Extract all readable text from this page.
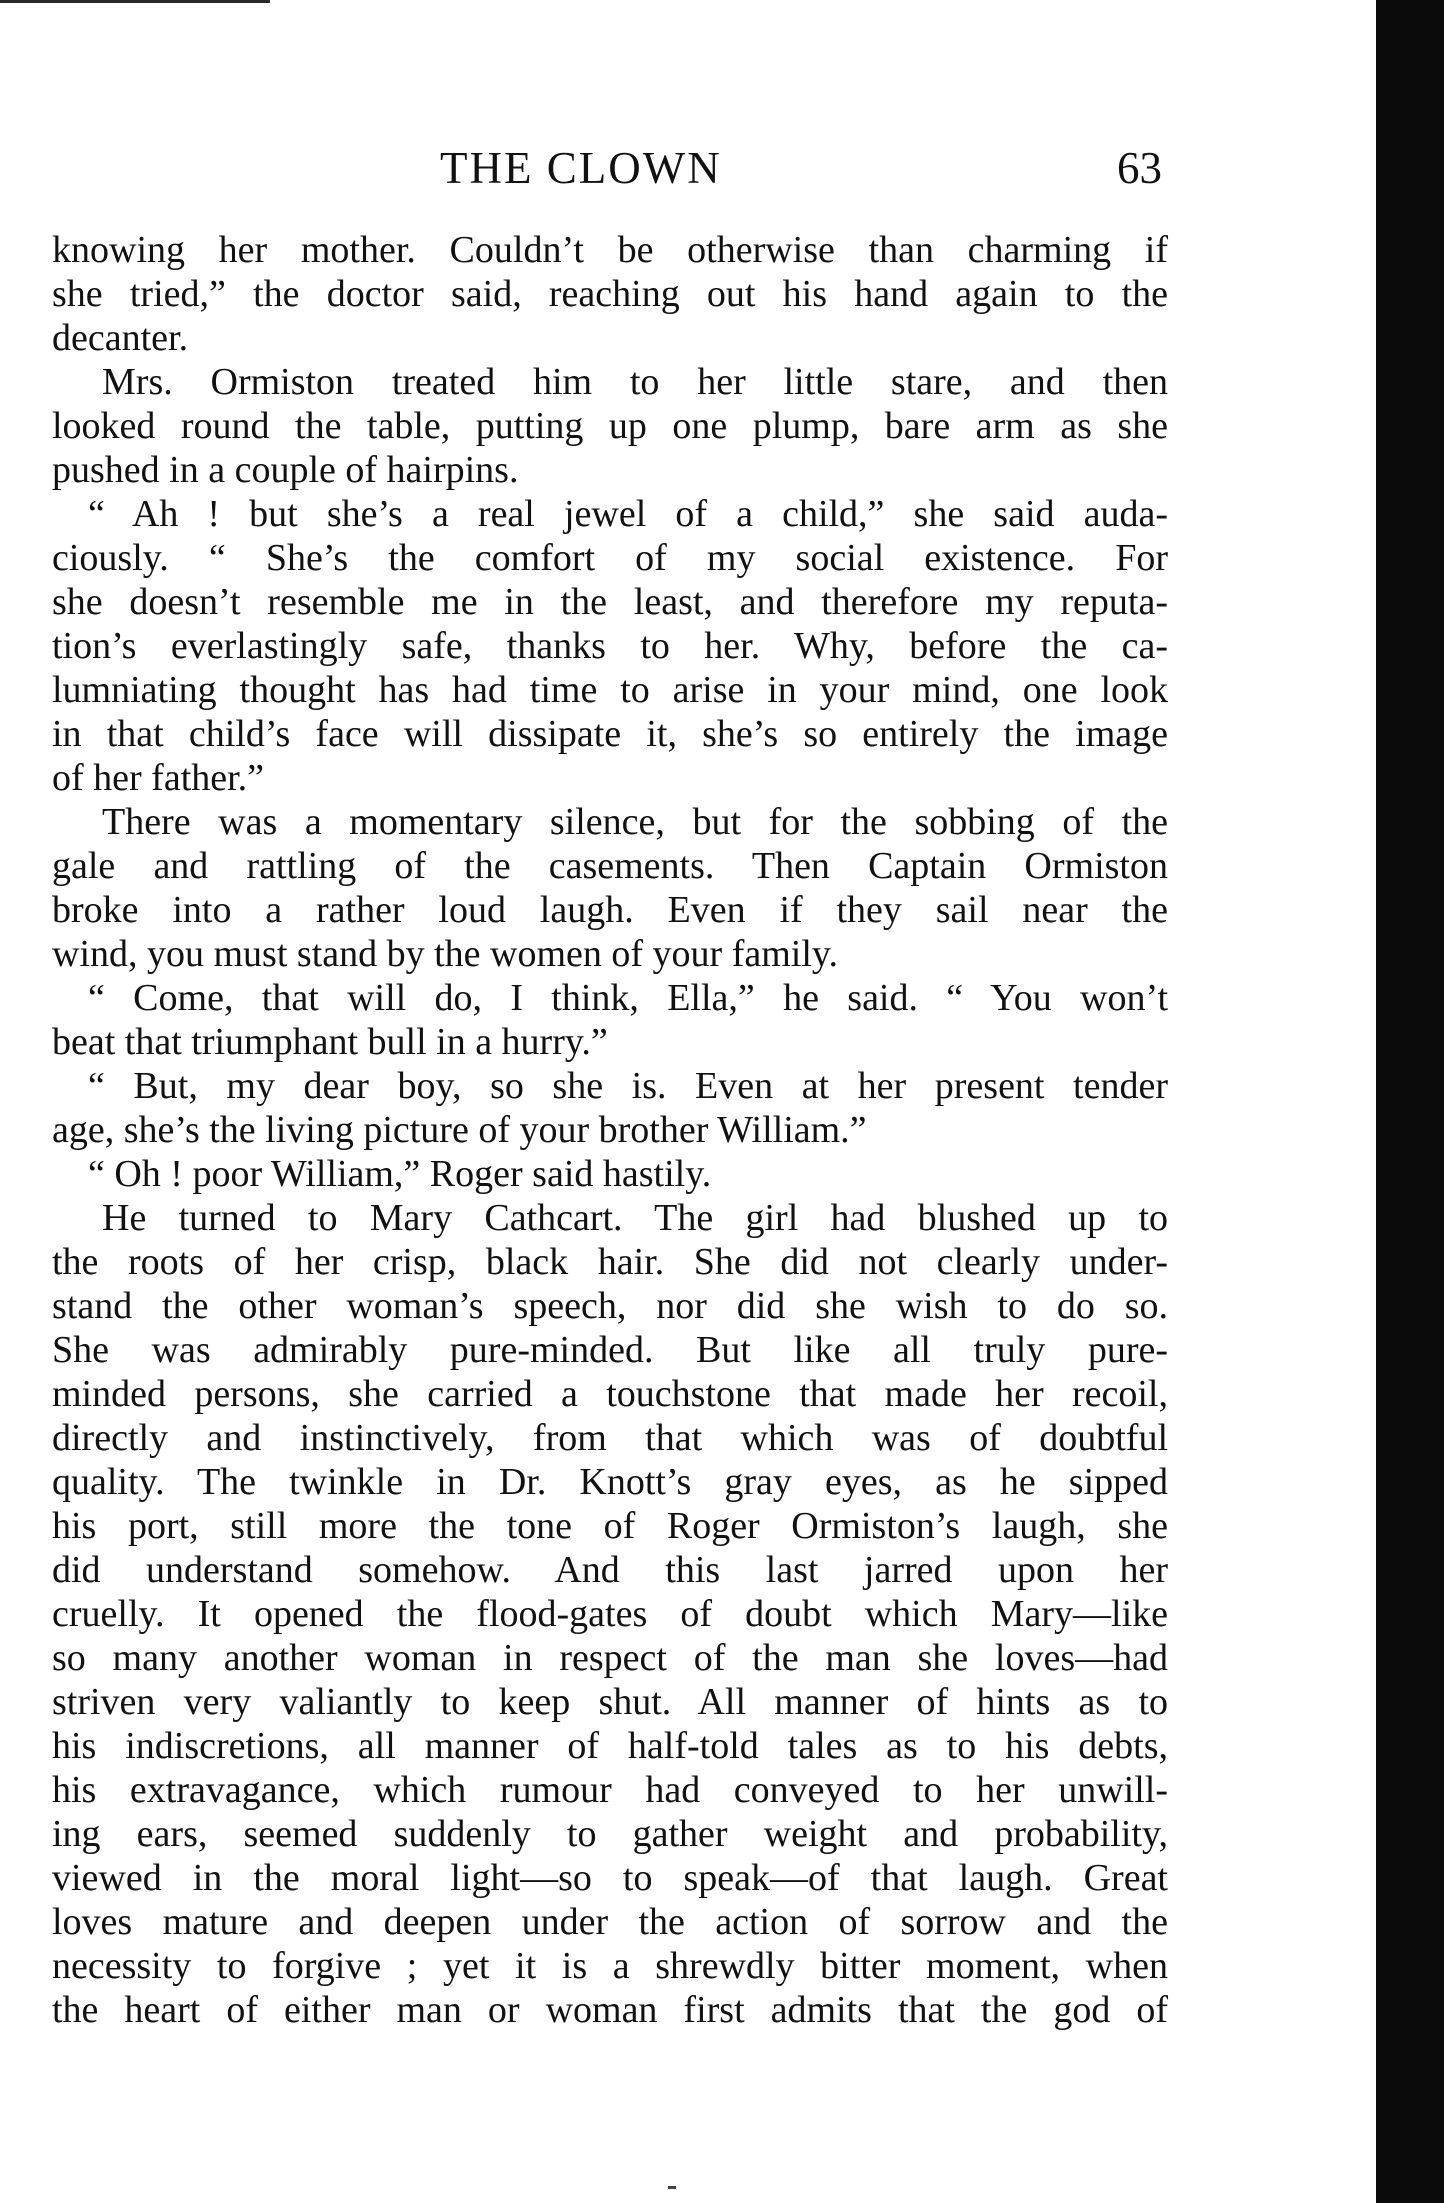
THE CLOWN	63
knowing her mother. Couldn’t be otherwise than charming if
she tried,” the doctor said, reaching out his hand again to the
decanter.
Mrs. Ormiston treated him to her little stare, and then
looked round the table, putting up one plump, bare arm as she
pushed in a couple of hairpins.
“ Ah ! but she’s a real jewel of a child,” she said auda-
ciously. “ She’s the comfort of my social existence. For
she doesn’t resemble me in the least, and therefore my reputa-
tion’s everlastingly safe, thanks to her. Why, before the ca-
lumniating thought has had time to arise in your mind, one look
in that child’s face will dissipate it, she’s so entirely the image
of her father.”
There was a momentary silence, but for the sobbing of the
gale and rattling of the casements. Then Captain Ormiston
broke into a rather loud laugh. Even if they sail near the
wind, you must stand by the women of your family.
“ Come, that will do, I think, Ella,” he said. “ You won’t
beat that triumphant bull in a hurry.”
“ But, my dear boy, so she is. Even at her present tender
age, she’s the living picture of your brother William.”
“ Oh ! poor William,” Roger said hastily.
He turned to Mary Cathcart. The girl had blushed up to
the roots of her crisp, black hair. She did not clearly under-
stand the other woman’s speech, nor did she wish to do so.
She was admirably pure-minded. But like all truly pure-
minded persons, she carried a touchstone that made her recoil,
directly and instinctively, from that which was of doubtful
quality. The twinkle in Dr. Knott’s gray eyes, as he sipped
his port, still more the tone of Roger Ormiston’s laugh, she
did understand somehow. And this last jarred upon her
cruelly. It opened the flood-gates of doubt which Mary—like
so many another woman in respect of the man she loves—had
striven very valiantly to keep shut. All manner of hints as to
his indiscretions, all manner of half-told tales as to his debts,
his extravagance, which rumour had conveyed to her unwill-
ing ears, seemed suddenly to gather weight and probability,
viewed in the moral light—so to speak—of that laugh. Great
loves mature and deepen under the action of sorrow and the
necessity to forgive ; yet it is a shrewdly bitter moment, when
the heart of either man or woman first admits that the god of
